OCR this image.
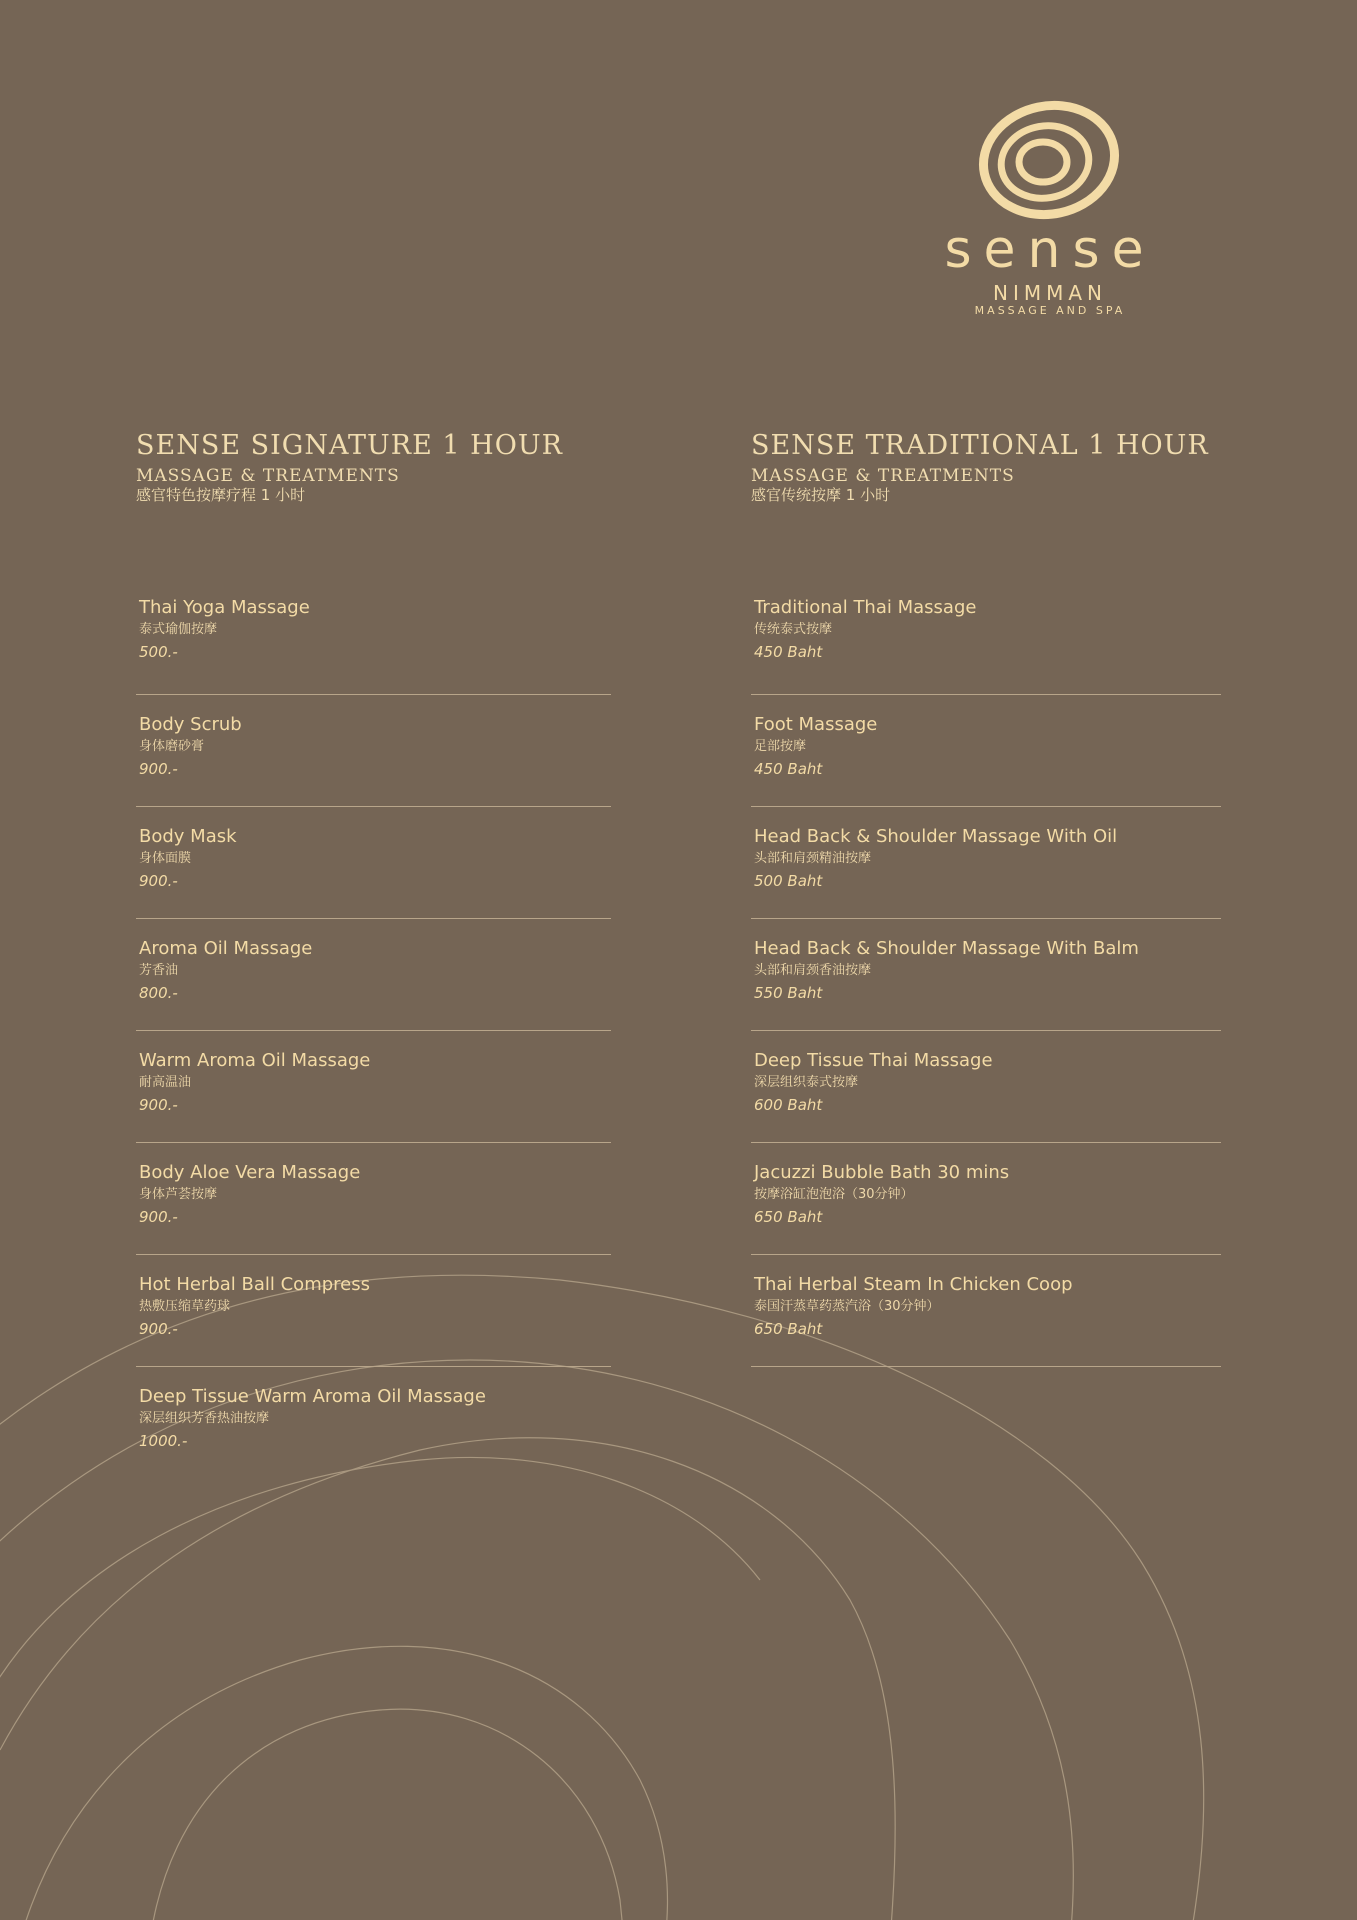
sense
NIMMAN
MASSAGE AND SPA
SENSE SIGNATURE 1 HOUR
MASSAGE & TREATMENTS
感官特色按摩疗程 1 小时
Thai Yoga Massage
泰式瑜伽按摩
500.-
Body Scrub
身体磨砂膏
900.-
Body Mask
身体面膜
900.-
Aroma Oil Massage
芳香油
800.-
Warm Aroma Oil Massage
耐高温油
900.-
Body Aloe Vera Massage
身体芦荟按摩
900.-
Hot Herbal Ball Compress
热敷压缩草药球
900.-
Deep Tissue Warm Aroma Oil Massage
深层组织芳香热油按摩
1000.-
SENSE TRADITIONAL 1 HOUR
MASSAGE & TREATMENTS
感官传统按摩 1 小时
Traditional Thai Massage
传统泰式按摩
450 Baht
Foot Massage
足部按摩
450 Baht
Head Back & Shoulder Massage With Oil
头部和肩颈精油按摩
500 Baht
Head Back & Shoulder Massage With Balm
头部和肩颈香油按摩
550 Baht
Deep Tissue Thai Massage
深层组织泰式按摩
600 Baht
Jacuzzi Bubble Bath 30 mins
按摩浴缸泡泡浴（30分钟）
650 Baht
Thai Herbal Steam In Chicken Coop
泰国汗蒸草药蒸汽浴（30分钟）
650 Baht
